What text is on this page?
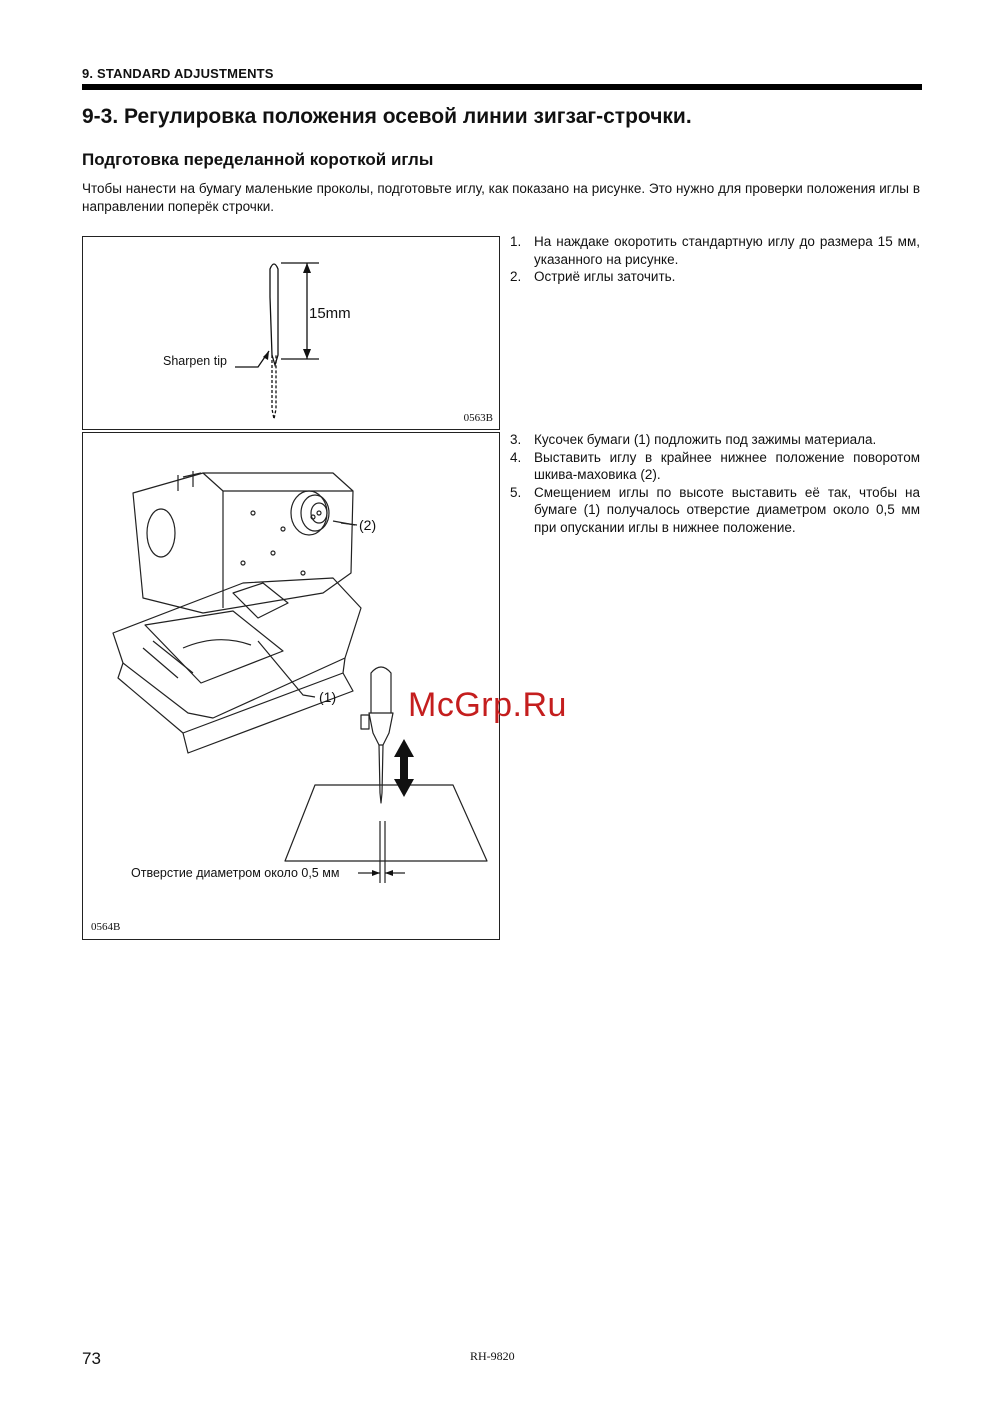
9. STANDARD ADJUSTMENTS
9-3. Регулировка положения осевой линии зигзаг-строчки.
Подготовка переделанной короткой иглы

Чтобы нанести на бумагу маленькие проколы, подготовьте иглу, как показано на рисунке. Это нужно для проверки положения иглы в направлении поперёк строчки.

15mm
Sharpen tip
0563B
(2)
(1)
Отверстие диаметром около 0,5 мм
0564B
1. На наждаке окоротить стандартную иглу до размера 15 мм, указанного на рисунке.
2. Остриё иглы заточить.
3. Кусочек бумаги (1) подложить под зажимы материала.
4. Выставить иглу в крайнее нижнее положение поворотом шкива-маховика (2).
5. Смещением иглы по высоте выставить её так, чтобы на бумаге (1) получалось отверстие диаметром около 0,5 мм при опускании иглы в нижнее положение.
McGrp.Ru
73	RH-9820
